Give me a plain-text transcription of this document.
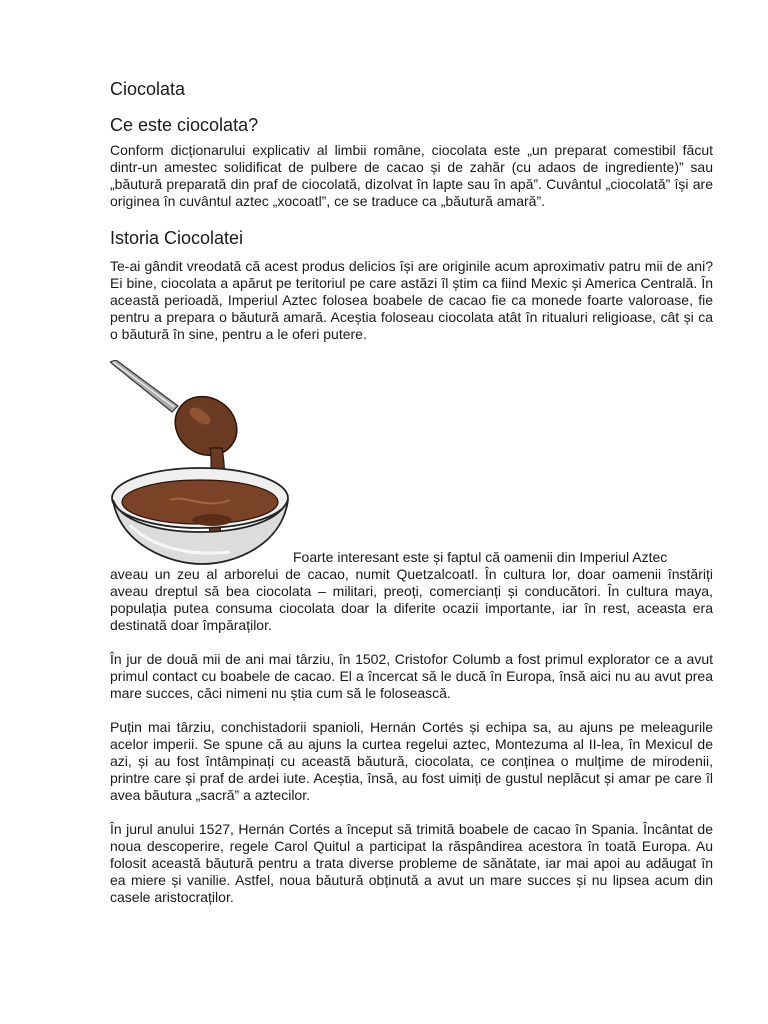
Ciocolata
Ce este ciocolata?

Conform dicționarului explicativ al limbii române, ciocolata este „un preparat comestibil făcut dintr-un amestec solidificat de pulbere de cacao și de zahăr (cu adaos de ingrediente)” sau „băutură preparată din praf de ciocolată, dizolvat în lapte sau în apă”. Cuvântul „ciocolată” își are originea în cuvântul aztec „xocoatl”, ce se traduce ca „băutură amară”.

Istoria Ciocolatei

Te-ai gândit vreodată că acest produs delicios își are originile acum aproximativ patru mii de ani? Ei bine, ciocolata a apărut pe teritoriul pe care astăzi îl știm ca fiind Mexic și America Centrală. În această perioadă, Imperiul Aztec folosea boabele de cacao fie ca monede foarte valoroase, fie pentru a prepara o băutură amară. Aceștia foloseau ciocolata atât în ritualuri religioase, cât și ca o băutură în sine, pentru a le oferi putere.

Foarte interesant este și faptul că oamenii din Imperiul Aztec

aveau un zeu al arborelui de cacao, numit Quetzalcoatl. În cultura lor, doar oamenii înstăriți aveau dreptul să bea ciocolata – militari, preoți, comercianți și conducători. În cultura maya, populația putea consuma ciocolata doar la diferite ocazii importante, iar în rest, aceasta era destinată doar împăraților.

În jur de două mii de ani mai târziu, în 1502, Cristofor Columb a fost primul explorator ce a avut primul contact cu boabele de cacao. El a încercat să le ducă în Europa, însă aici nu au avut prea mare succes, căci nimeni nu știa cum să le folosească.

Puțin mai târziu, conchistadorii spanioli, Hernán Cortés și echipa sa, au ajuns pe meleagurile acelor imperii. Se spune că au ajuns la curtea regelui aztec, Montezuma al II-lea, în Mexicul de azi, și au fost întâmpinați cu această băutură, ciocolata, ce conținea o mulțime de mirodenii, printre care și praf de ardei iute. Aceștia, însă, au fost uimiți de gustul neplăcut și amar pe care îl avea băutura „sacră” a aztecilor.

În jurul anului 1527, Hernán Cortés a început să trimită boabele de cacao în Spania. Încântat de noua descoperire, regele Carol Quitul a participat la răspândirea acestora în toată Europa. Au folosit această băutură pentru a trata diverse probleme de sănătate, iar mai apoi au adăugat în ea miere și vanilie. Astfel, noua băutură obținută a avut un mare succes și nu lipsea acum din casele aristocraților.
